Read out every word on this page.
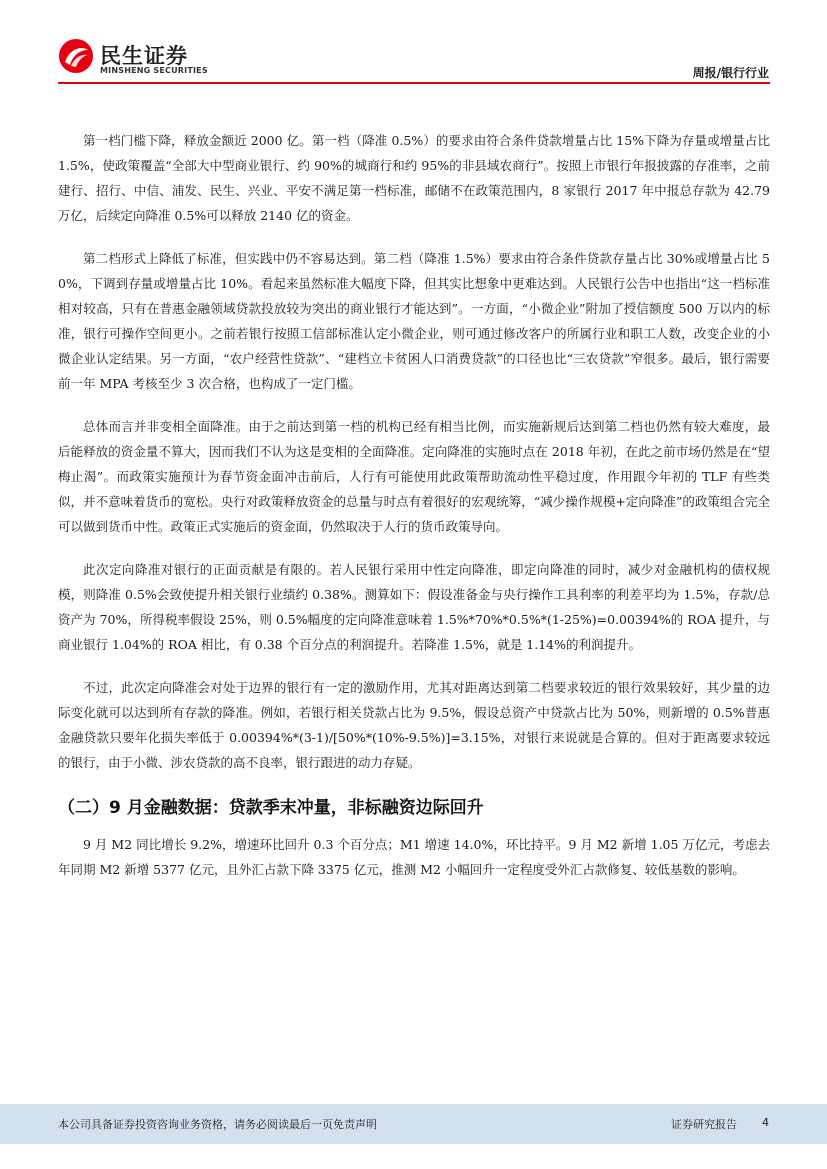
民生证券
MINSHENG SECURITIES	周报/银行行业

第一档门槛下降，释放金额近 2000 亿。第一档（降准 0.5%）的要求由符合条件贷款增量占比 15%下降为存量或增量占比 1.5%，使政策覆盖“全部大中型商业银行、约 90%的城商行和约 95%的非县域农商行”。按照上市银行年报披露的存准率，之前建行、招行、中信、浦发、民生、兴业、平安不满足第一档标准，邮储不在政策范围内，8 家银行 2017 年中报总存款为 42.79 万亿，后续定向降准 0.5%可以释放 2140 亿的资金。

第二档形式上降低了标准，但实践中仍不容易达到。第二档（降准 1.5%）要求由符合条件贷款存量占比 30%或增量占比 50%，下调到存量或增量占比 10%。看起来虽然标准大幅度下降，但其实比想象中更难达到。人民银行公告中也指出“这一档标准相对较高，只有在普惠金融领域贷款投放较为突出的商业银行才能达到”。一方面，“小微企业”附加了授信额度 500 万以内的标准，银行可操作空间更小。之前若银行按照工信部标准认定小微企业，则可通过修改客户的所属行业和职工人数，改变企业的小微企业认定结果。另一方面，“农户经营性贷款”、“建档立卡贫困人口消费贷款”的口径也比“三农贷款”窄很多。最后，银行需要前一年 MPA 考核至少 3 次合格，也构成了一定门槛。

总体而言并非变相全面降准。由于之前达到第一档的机构已经有相当比例，而实施新规后达到第二档也仍然有较大难度，最后能释放的资金量不算大，因而我们不认为这是变相的全面降准。定向降准的实施时点在 2018 年初，在此之前市场仍然是在“望梅止渴”。而政策实施预计为春节资金面冲击前后，人行有可能使用此政策帮助流动性平稳过度，作用跟今年初的 TLF 有些类似，并不意味着货币的宽松。央行对政策释放资金的总量与时点有着很好的宏观统筹，“减少操作规模+定向降准”的政策组合完全可以做到货币中性。政策正式实施后的资金面，仍然取决于人行的货币政策导向。

此次定向降准对银行的正面贡献是有限的。若人民银行采用中性定向降准，即定向降准的同时，减少对金融机构的债权规模，则降准 0.5%会致使提升相关银行业绩约 0.38%。测算如下：假设准备金与央行操作工具利率的利差平均为 1.5%，存款/总资产为 70%，所得税率假设 25%，则 0.5%幅度的定向降准意味着 1.5%*70%*0.5%*(1-25%)=0.00394%的 ROA 提升，与商业银行 1.04%的 ROA 相比，有 0.38 个百分点的利润提升。若降准 1.5%，就是 1.14%的利润提升。

不过，此次定向降准会对处于边界的银行有一定的激励作用，尤其对距离达到第二档要求较近的银行效果较好，其少量的边际变化就可以达到所有存款的降准。例如，若银行相关贷款占比为 9.5%，假设总资产中贷款占比为 50%，则新增的 0.5%普惠金融贷款只要年化损失率低于 0.00394%*(3-1)/[50%*(10%-9.5%)]=3.15%，对银行来说就是合算的。但对于距离要求较远的银行，由于小微、涉农贷款的高不良率，银行跟进的动力存疑。

（二）9 月金融数据：贷款季末冲量，非标融资边际回升

9 月 M2 同比增长 9.2%，增速环比回升 0.3 个百分点；M1 增速 14.0%，环比持平。9 月 M2 新增 1.05 万亿元，考虑去年同期 M2 新增 5377 亿元，且外汇占款下降 3375 亿元，推测 M2 小幅回升一定程度受外汇占款修复、较低基数的影响。

本公司具备证券投资咨询业务资格，请务必阅读最后一页免责声明	证券研究报告 4
